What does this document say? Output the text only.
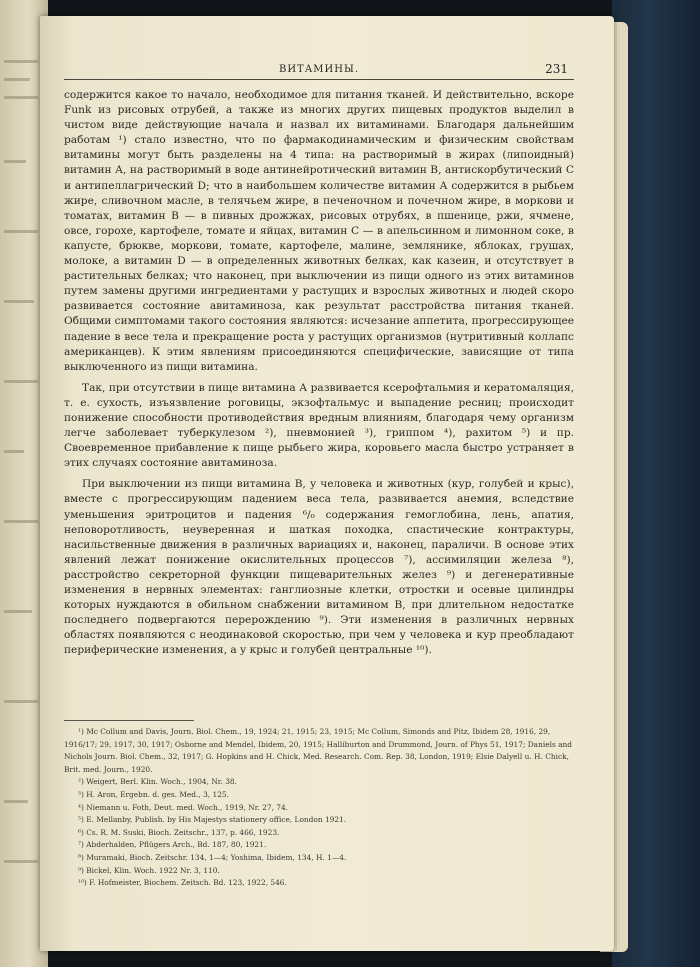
ВИТАМИНЫ.	231

содержится какое то начало, необходимое для питания тканей. И действительно, вскоре Funk из рисовых отрубей, а также из многих других пищевых продуктов выделил в чистом виде действующие начала и назвал их витаминами. Благодаря дальнейшим работам ¹) стало известно, что по фармакодинамическим и физическим свойствам витамины могут быть разделены на 4 типа: на растворимый в жирах (липоидный) витамин А, на растворимый в воде антинейротический витамин В, антискорбутический С и антипеллагрический D; что в наибольшем количестве витамин А содержится в рыбьем жире, сливочном масле, в телячьем жире, в печеночном и почечном жире, в моркови и томатах, витамин В — в пивных дрожжах, рисовых отрубях, в пшенице, ржи, ячмене, овсе, горохе, картофеле, томате и яйцах, витамин С — в апельсинном и лимонном соке, в капусте, брюкве, моркови, томате, картофеле, малине, землянике, яблоках, грушах, молоке, а витамин D — в определенных животных белках, как казеин, и отсутствует в растительных белках; что наконец, при выключении из пищи одного из этих витаминов путем замены другими ингредиентами у растущих и взрослых животных и людей скоро развивается состояние авитаминоза, как результат расстройства питания тканей. Общими симптомами такого состояния являются: исчезание аппетита, прогрессирующее падение в весе тела и прекращение роста у растущих организмов (нутритивный коллапс американцев). К этим явлениям присоединяются специфические, зависящие от типа выключенного из пищи витамина.

Так, при отсутствии в пище витамина А развивается ксерофтальмия и кератомаляция, т. е. сухость, изъязвление роговицы, экзофтальмус и выпадение ресниц; происходит понижение способности противодействия вредным влияниям, благодаря чему организм легче заболевает туберкулезом ²), пневмонией ³), гриппом ⁴), рахитом ⁵) и пр. Своевременное прибавление к пище рыбьего жира, коровьего масла быстро устраняет в этих случаях состояние авитаминоза.

При выключении из пищи витамина В, у человека и животных (кур, голубей и крыс), вместе с прогрессирующим падением веса тела, развивается анемия, вследствие уменьшения эритроцитов и падения ⁶/₀ содержания гемоглобина, лень, апатия, неповоротливость, неуверенная и шаткая походка, спастические контрактуры, насильственные движения в различных вариациях и, наконец, параличи. В основе этих явлений лежат понижение окислительных процессов ⁷), ассимиляции железа ⁸), расстройство секреторной функции пищеварительных желез ⁹) и дегенеративные изменения в нервных элементах: ганглиозные клетки, отростки и осевые цилиндры которых нуждаются в обильном снабжении витамином В, при длительном недостатке последнего подвергаются перерождению ⁹). Эти изменения в различных нервных областях появляются с неодинаковой скоростью, при чем у человека и кур преобладают периферические изменения, а у крыс и голубей центральные ¹⁰).

¹) Mc Collum and Davis, Journ. Biol. Chem., 19, 1924; 21, 1915; 23, 1915; Mc Collum, Simonds and Pitz, Ibidem 28, 1916, 29, 1916/17; 29, 1917, 30, 1917; Osborne and Mendel, Ibidem, 20, 1915; Halliburton and Drummond, Journ. of Phys 51, 1917; Daniels and Nichols Journ. Biol. Chem., 32, 1917; G. Hopkins and H. Chick, Med. Research. Com. Rep. 38, London, 1919; Elsie Dalyell u. H. Chick, Brit. med. Journ., 1920.
²) Weigert, Berl. Klin. Woch., 1904, Nr. 38.
³) H. Aron, Ergebn. d. ges. Med., 3, 125.
⁴) Niemann u. Foth, Deut. med. Woch., 1919, Nr. 27, 74.
⁵) E. Mellanby, Publish. by His Majestys stationery office, London 1921.
⁶) Cs. R. M. Suski, Bioch. Zeitschr., 137, p. 466, 1923.
⁷) Abderhalden, Pflügers Arch., Bd. 187, 80, 1921.
⁸) Muramaki, Bioch. Zeitschr. 134, 1—4; Yoshima, Ibidem, 134, H. 1—4.
⁹) Bickel, Klin. Woch. 1922 Nr. 3, 110.
¹⁰) F. Hofmeister, Biochem. Zeitsch. Bd. 123, 1922, 546.
